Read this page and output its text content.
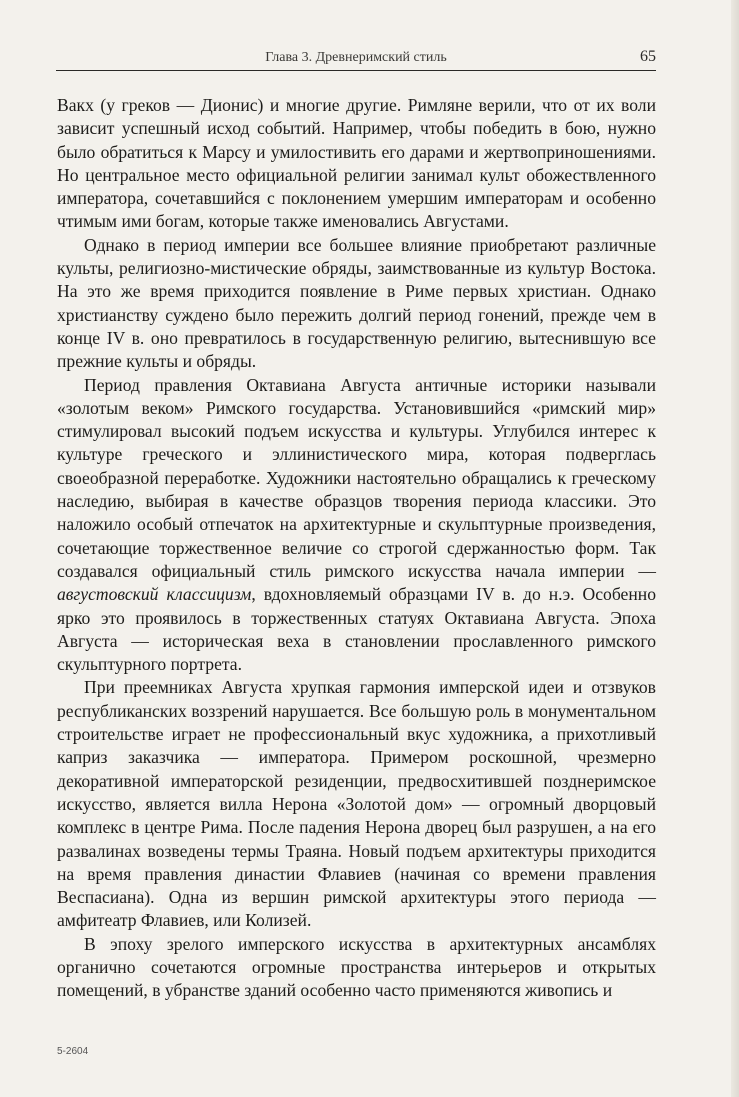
Глава 3. Древнеримский стиль	65

Вакх (у греков — Дионис) и многие другие. Римляне верили, что от их воли зависит успешный исход событий. Например, чтобы победить в бою, нужно было обратиться к Марсу и умилостивить его дарами и жертвоприношениями. Но центральное место официальной религии занимал культ обожествленного императора, сочетавшийся с поклонением умершим императорам и особенно чтимым ими богам, которые также именовались Августами.

Однако в период империи все большее влияние приобретают различные культы, религиозно-мистические обряды, заимствованные из культур Востока. На это же время приходится появление в Риме первых христиан. Однако христианству суждено было пережить долгий период гонений, прежде чем в конце IV в. оно превратилось в государственную религию, вытеснившую все прежние культы и обряды.

Период правления Октавиана Августа античные историки называли «золотым веком» Римского государства. Установившийся «римский мир» стимулировал высокий подъем искусства и культуры. Углубился интерес к культуре греческого и эллинистического мира, которая подверглась своеобразной переработке. Художники настоятельно обращались к греческому наследию, выбирая в качестве образцов творения периода классики. Это наложило особый отпечаток на архитектурные и скульптурные произведения, сочетающие торжественное величие со строгой сдержанностью форм. Так создавался официальный стиль римского искусства начала империи — августовский классицизм, вдохновляемый образцами IV в. до н.э. Особенно ярко это проявилось в торжественных статуях Октавиана Августа. Эпоха Августа — историческая веха в становлении прославленного римского скульптурного портрета.

При преемниках Августа хрупкая гармония имперской идеи и отзвуков республиканских воззрений нарушается. Все большую роль в монументальном строительстве играет не профессиональный вкус художника, а прихотливый каприз заказчика — императора. Примером роскошной, чрезмерно декоративной императорской резиденции, предвосхитившей позднеримское искусство, является вилла Нерона «Золотой дом» — огромный дворцовый комплекс в центре Рима. После падения Нерона дворец был разрушен, а на его развалинах возведены термы Траяна. Новый подъем архитектуры приходится на время правления династии Флавиев (начиная со времени правления Веспасиана). Одна из вершин римской архитектуры этого периода — амфитеатр Флавиев, или Колизей.

В эпоху зрелого имперского искусства в архитектурных ансамблях органично сочетаются огромные пространства интерьеров и открытых помещений, в убранстве зданий особенно часто применяются живопись и

5-2604
